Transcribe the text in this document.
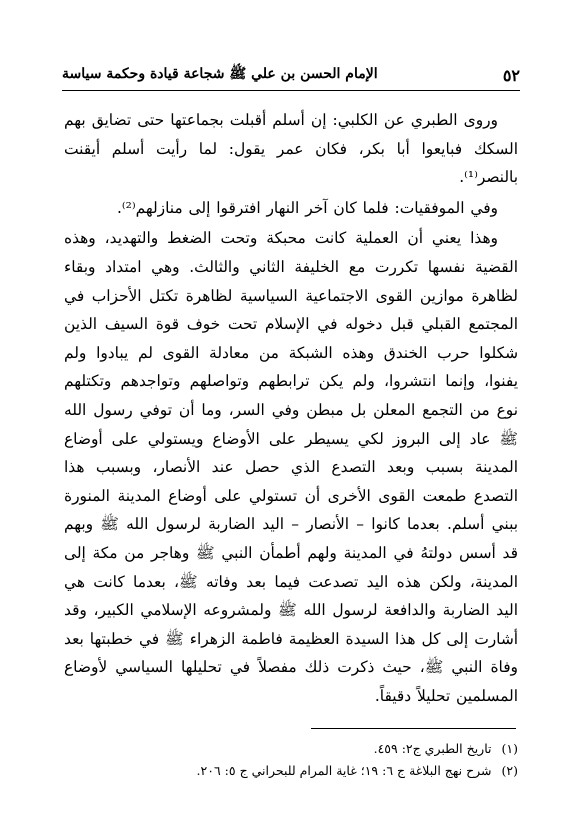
٥٢
الإمام الحسن بن علي ﷺ شجاعة قيادة وحكمة سياسة

وروى الطبري عن الكلبي: إن أسلم أقبلت بجماعتها حتى تضايق بهم السكك فبايعوا أبا بكر، فكان عمر يقول: لما رأيت أسلم أيقنت بالنصر⁽¹⁾.

وفي الموفقيات: فلما كان آخر النهار افترقوا إلى منازلهم⁽²⁾.

وهذا يعني أن العملية كانت محبكة وتحت الضغط والتهديد، وهذه القضية نفسها تكررت مع الخليفة الثاني والثالث. وهي امتداد وبقاء لظاهرة موازين القوى الاجتماعية السياسية لظاهرة تكتل الأحزاب في المجتمع القبلي قبل دخوله في الإسلام تحت خوف قوة السيف الذين شكلوا حرب الخندق وهذه الشبكة من معادلة القوى لم يبادوا ولم يفنوا، وإنما انتشروا، ولم يكن ترابطهم وتواصلهم وتواجدهم وتكتلهم نوع من التجمع المعلن بل مبطن وفي السر، وما أن توفي رسول الله ﷺ عاد إلى البروز لكي يسيطر على الأوضاع ويستولي على أوضاع المدينة بسبب وبعد التصدع الذي حصل عند الأنصار، وبسبب هذا التصدع طمعت القوى الأخرى أن تستولي على أوضاع المدينة المنورة ببني أسلم. بعدما كانوا – الأنصار – اليد الضاربة لرسول الله ﷺ وبهم قد أسس دولتهُ في المدينة ولهم أطمأن النبي ﷺ وهاجر من مكة إلى المدينة، ولكن هذه اليد تصدعت فيما بعد وفاته ﷺ، بعدما كانت هي اليد الضاربة والدافعة لرسول الله ﷺ ولمشروعه الإسلامي الكبير، وقد أشارت إلى كل هذا السيدة العظيمة فاطمة الزهراء ﷺ في خطبتها بعد وفاة النبي ﷺ، حيث ذكرت ذلك مفصلاً في تحليلها السياسي لأوضاع المسلمين تحليلاً دقيقاً.

(١) تاريخ الطبري ج٢: ٤٥٩.
(٢) شرح نهج البلاغة ج ٦: ١٩؛ غاية المرام للبحراني ج ٥: ٢٠٦.
